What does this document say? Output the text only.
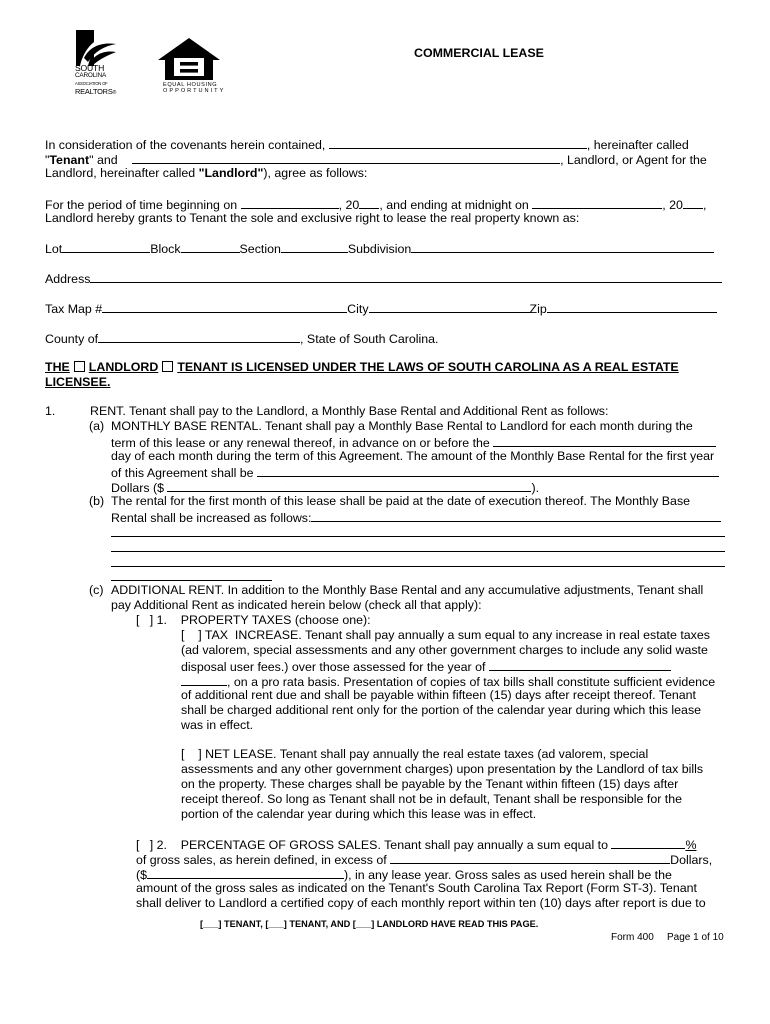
SOUTH
CAROLINA
ASSOCIATION OF
REALTORS®
EQUAL HOUSING
OPPORTUNITY
COMMERCIAL LEASE
In consideration of the covenants herein contained,	, hereinafter called
"Tenant" and	, Landlord, or Agent for the
Landlord, hereinafter called "Landlord"), agree as follows:
For the period of time beginning on	, 20 , and ending at midnight on	, 20 ,
Landlord hereby grants to Tenant the sole and exclusive right to lease the real property known as:
Lot	Block	Section	Subdivision
Address
Tax Map #	City	Zip
County of	, State of South Carolina.
THE LANDLORD TENANT IS LICENSED UNDER THE LAWS OF SOUTH CAROLINA AS A REAL ESTATE
LICENSEE.
1.	RENT. Tenant shall pay to the Landlord, a Monthly Base Rental and Additional Rent as follows:
(a) MONTHLY BASE RENTAL. Tenant shall pay a Monthly Base Rental to Landlord for each month during the
term of this lease or any renewal thereof, in advance on or before the
day of each month during the term of this Agreement. The amount of the Monthly Base Rental for the first year
of this Agreement shall be
Dollars ($	).
(b) The rental for the first month of this lease shall be paid at the date of execution thereof. The Monthly Base
Rental shall be increased as follows:
(c) ADDITIONAL RENT. In addition to the Monthly Base Rental and any accumulative adjustments, Tenant shall
pay Additional Rent as indicated herein below (check all that apply):
[   ] 1.    PROPERTY TAXES (choose one):
[    ] TAX  INCREASE. Tenant shall pay annually a sum equal to any increase in real estate taxes
(ad valorem, special assessments and any other government charges to include any solid waste
disposal user fees.) over those assessed for the year of
, on a pro rata basis. Presentation of copies of tax bills shall constitute sufficient evidence
of additional rent due and shall be payable within fifteen (15) days after receipt thereof. Tenant
shall be charged additional rent only for the portion of the calendar year during which this lease
was in effect.
[    ] NET LEASE. Tenant shall pay annually the real estate taxes (ad valorem, special
assessments and any other government charges) upon presentation by the Landlord of tax bills
on the property. These charges shall be payable by the Tenant within fifteen (15) days after
receipt thereof. So long as Tenant shall not be in default, Tenant shall be responsible for the
portion of the calendar year during which this lease was in effect.
[   ] 2.    PERCENTAGE OF GROSS SALES. Tenant shall pay annually a sum equal to	%
of gross sales, as herein defined, in excess of	Dollars,
($	), in any lease year. Gross sales as used herein shall be the
amount of the gross sales as indicated on the Tenant's South Carolina Tax Report (Form ST-3). Tenant
shall deliver to Landlord a certified copy of each monthly report within ten (10) days after report is due to
[___] TENANT, [___] TENANT, AND [___] LANDLORD HAVE READ THIS PAGE.
Form 400 Page 1 of 10
